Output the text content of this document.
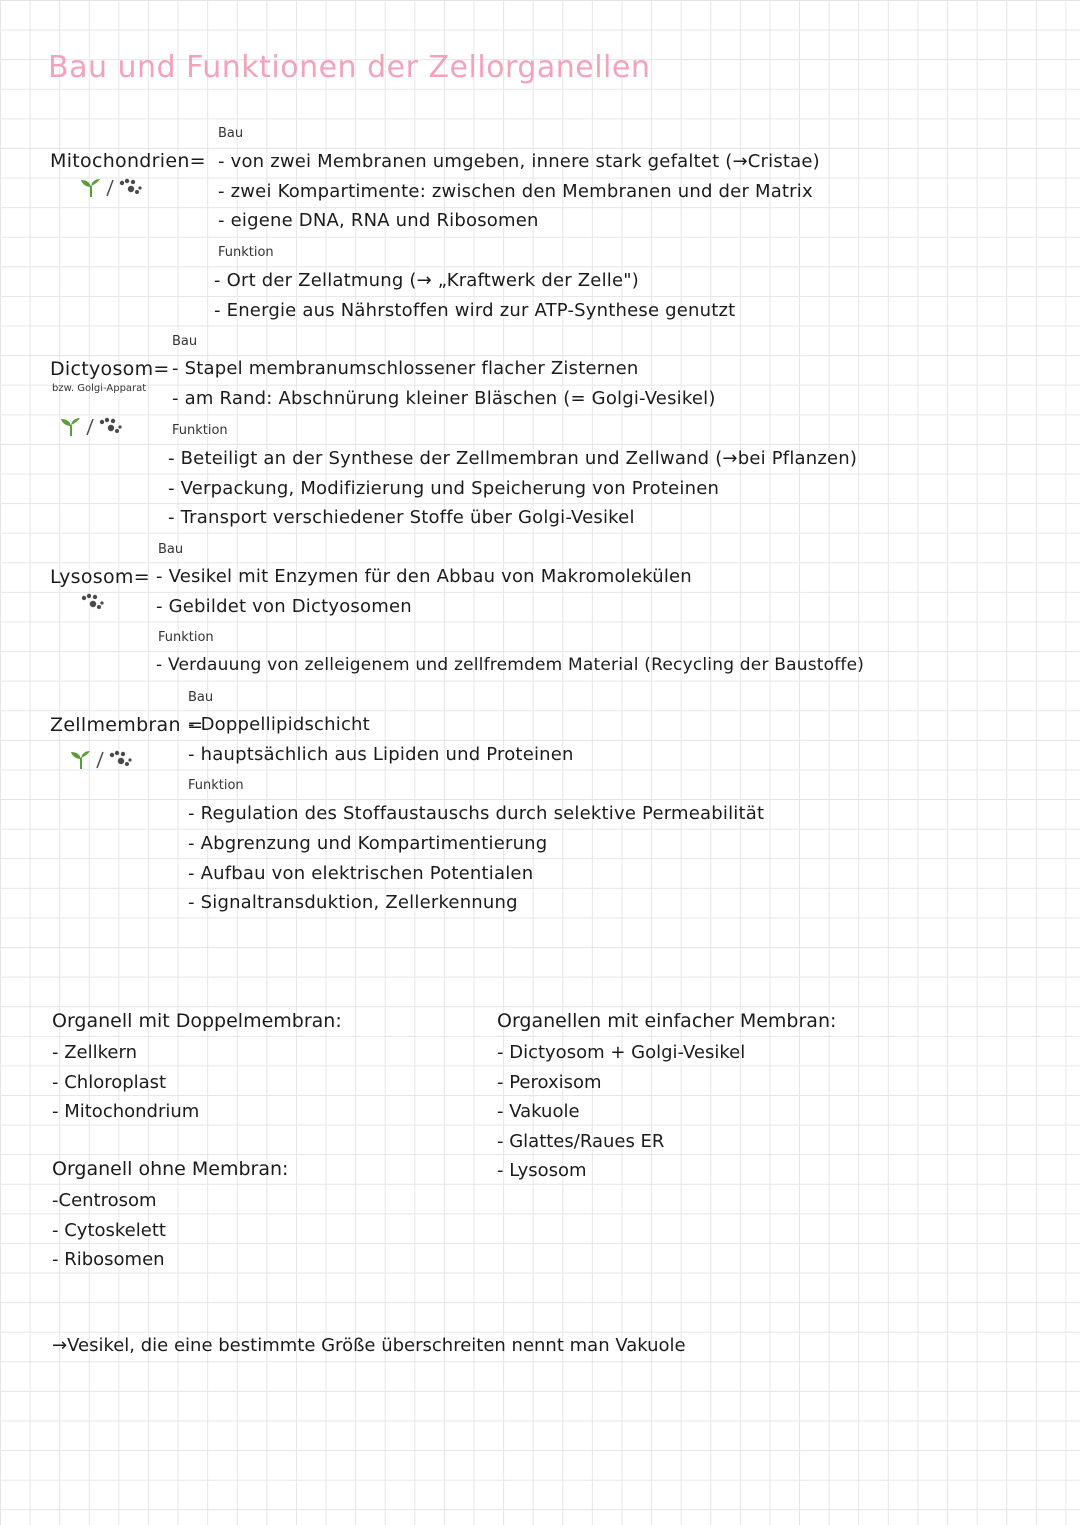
Bau und Funktionen der Zellorganellen
Bau
Mitochondrien= - von zwei Membranen umgeben, innere stark gefaltet (→Cristae)
- zwei Kompartimente: zwischen den Membranen und der Matrix
- eigene DNA, RNA und Ribosomen
Funktion
- Ort der Zellatmung (→ „Kraftwerk der Zelle")
- Energie aus Nährstoffen wird zur ATP-Synthese genutzt
Bau
Dictyosom=
bzw. Golgi-Apparat
- Stapel membranumschlossener flacher Zisternen
- am Rand: Abschnürung kleiner Bläschen (= Golgi-Vesikel)
Funktion
- Beteiligt an der Synthese der Zellmembran und Zellwand (→bei Pflanzen)
- Verpackung, Modifizierung und Speicherung von Proteinen
- Transport verschiedener Stoffe über Golgi-Vesikel
Bau
Lysosom= - Vesikel mit Enzymen für den Abbau von Makromolekülen
- Gebildet von Dictyosomen
Funktion
- Verdauung von zelleigenem und zellfremdem Material (Recycling der Baustoffe)
Bau
Zellmembran =
- Doppellipidschicht
- hauptsächlich aus Lipiden und Proteinen
Funktion
- Regulation des Stoffaustauschs durch selektive Permeabilität
- Abgrenzung und Kompartimentierung
- Aufbau von elektrischen Potentialen
- Signaltransduktion, Zellerkennung
Organell mit Doppelmembran:
- Zellkern
- Chloroplast
- Mitochondrium
Organell ohne Membran:
-Centrosom
- Cytoskelett
- Ribosomen
Organellen mit einfacher Membran:
- Dictyosom + Golgi-Vesikel
- Peroxisom
- Vakuole
- Glattes/Raues ER
- Lysosom
→Vesikel, die eine bestimmte Größe überschreiten nennt man Vakuole
